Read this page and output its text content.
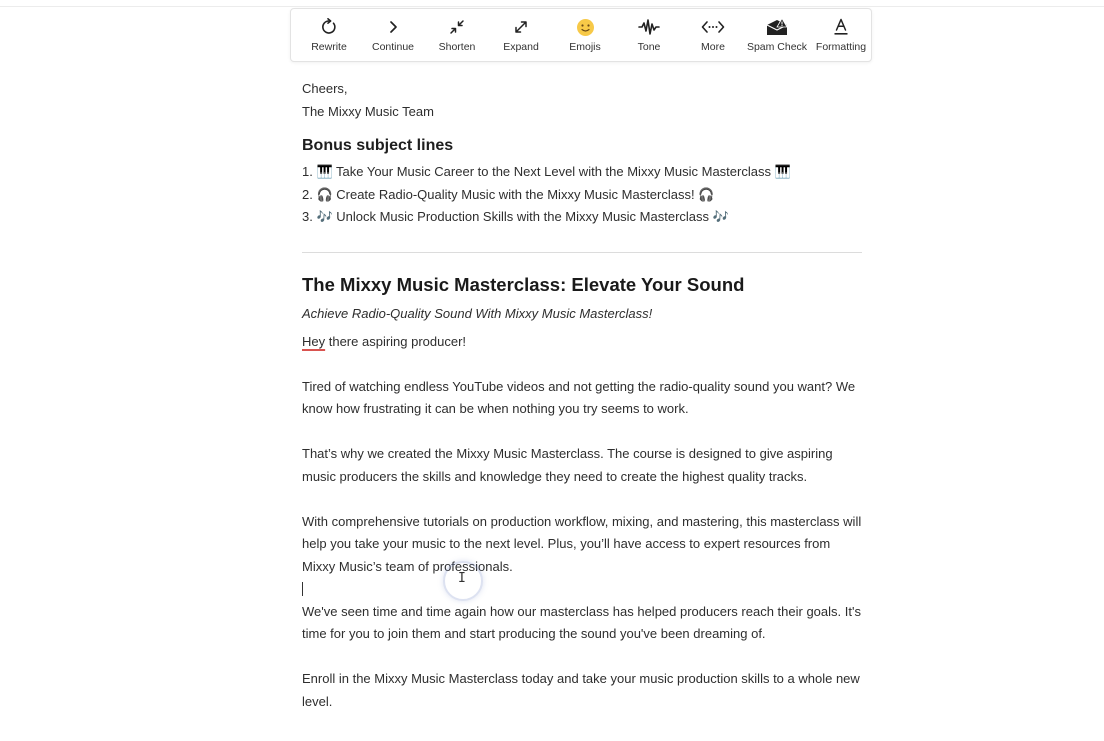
Rewrite Continue Shorten	Expand	Emojis	Tone	More Spam Check Formatting

Cheers,

The Mixxy Music Team

Bonus subject lines
1. 🎹 Take Your Music Career to the Next Level with the Mixxy Music Masterclass 🎹
2. 🎧 Create Radio-Quality Music with the Mixxy Music Masterclass! 🎧
3. 🎶 Unlock Music Production Skills with the Mixxy Music Masterclass 🎶
The Mixxy Music Masterclass: Elevate Your Sound
Achieve Radio-Quality Sound With Mixxy Music Masterclass!

Hey there aspiring producer!

Tired of watching endless YouTube videos and not getting the radio-quality sound you want? We know how frustrating it can be when nothing you try seems to work.

That’s why we created the Mixxy Music Masterclass. The course is designed to give aspiring music producers the skills and knowledge they need to create the highest quality tracks.

With comprehensive tutorials on production workflow, mixing, and mastering, this masterclass will help you take your music to the next level. Plus, you’ll have access to expert resources from Mixxy Music’s team of professionals.

We've seen time and time again how our masterclass has helped producers reach their goals. It's time for you to join them and start producing the sound you've been dreaming of.

Enroll in the Mixxy Music Masterclass today and take your music production skills to a whole new level.

I
